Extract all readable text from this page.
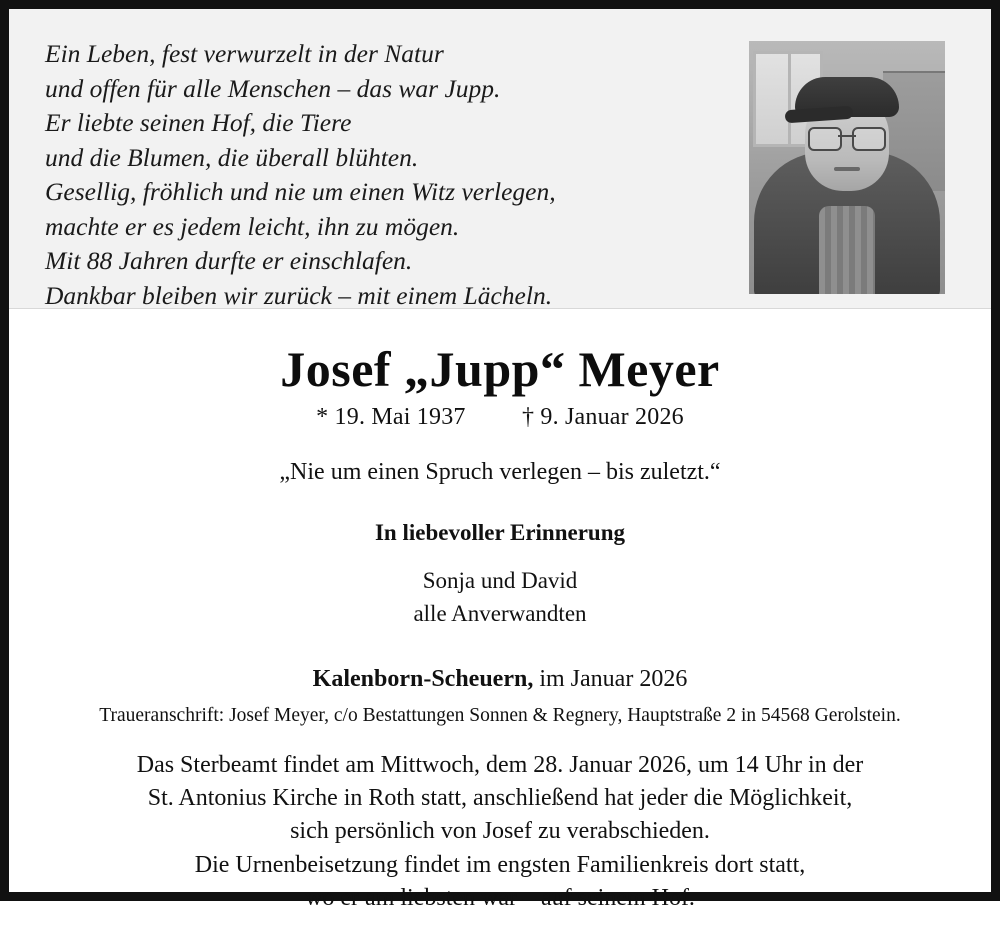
Ein Leben, fest verwurzelt in der Natur
und offen für alle Menschen – das war Jupp.
Er liebte seinen Hof, die Tiere
und die Blumen, die überall blühten.
Gesellig, fröhlich und nie um einen Witz verlegen,
machte er es jedem leicht, ihn zu mögen.
Mit 88 Jahren durfte er einschlafen.
Dankbar bleiben wir zurück – mit einem Lächeln.
Josef „Jupp“ Meyer
* 19. Mai 1937 † 9. Januar 2026
„Nie um einen Spruch verlegen – bis zuletzt.“
In liebevoller Erinnerung
Sonja und David
alle Anverwandten
Kalenborn-Scheuern, im Januar 2026
Traueranschrift: Josef Meyer, c/o Bestattungen Sonnen & Regnery, Hauptstraße 2 in 54568 Gerolstein.
Das Sterbeamt findet am Mittwoch, dem 28. Januar 2026, um 14 Uhr in der
St. Antonius Kirche in Roth statt, anschließend hat jeder die Möglichkeit,
sich persönlich von Josef zu verabschieden.
Die Urnenbeisetzung findet im engsten Familienkreis dort statt,
wo er am liebsten war – auf seinem Hof.
